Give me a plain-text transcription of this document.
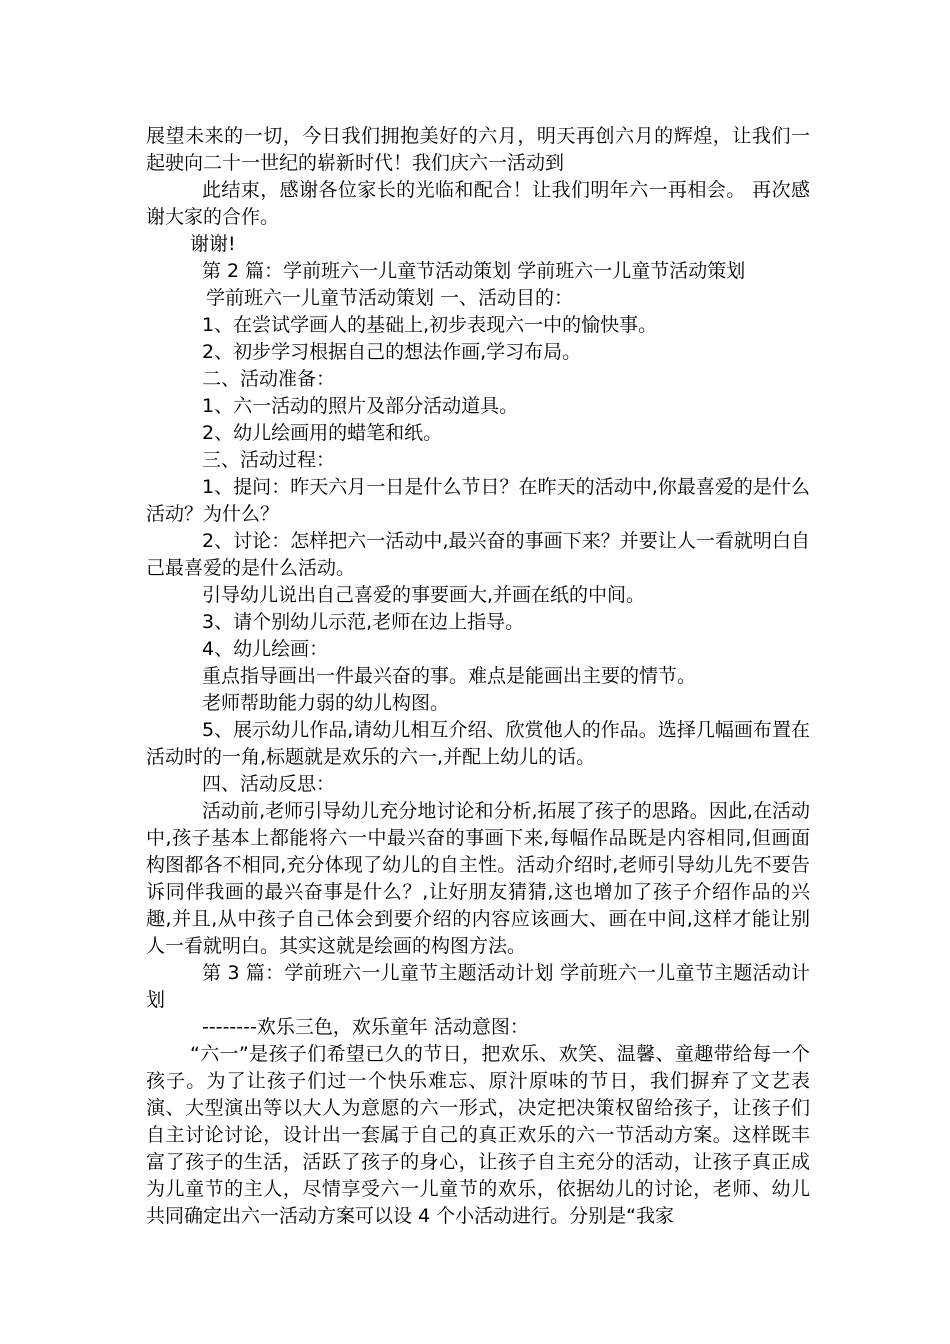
展望未来的一切，今日我们拥抱美好的六月，明天再创六月的辉煌，让我们一起驶向二十一世纪的崭新时代！我们庆六一活动到

此结束，感谢各位家长的光临和配合！让我们明年六一再相会。 再次感谢大家的合作。

谢谢!

第 2 篇：学前班六一儿童节活动策划 学前班六一儿童节活动策划

学前班六一儿童节活动策划 一、活动目的：

1、在尝试学画人的基础上,初步表现六一中的愉快事。

2、初步学习根据自己的想法作画,学习布局。

二、活动准备：

1、六一活动的照片及部分活动道具。

2、幼儿绘画用的蜡笔和纸。

三、活动过程：

1、提问：昨天六月一日是什么节日？在昨天的活动中,你最喜爱的是什么活动？为什么？

2、讨论：怎样把六一活动中,最兴奋的事画下来？并要让人一看就明白自己最喜爱的是什么活动。

引导幼儿说出自己喜爱的事要画大,并画在纸的中间。

3、请个别幼儿示范,老师在边上指导。

4、幼儿绘画：

重点指导画出一件最兴奋的事。难点是能画出主要的情节。

老师帮助能力弱的幼儿构图。

5、展示幼儿作品,请幼儿相互介绍、欣赏他人的作品。选择几幅画布置在活动时的一角,标题就是欢乐的六一,并配上幼儿的话。

四、活动反思：

活动前,老师引导幼儿充分地讨论和分析,拓展了孩子的思路。因此,在活动中,孩子基本上都能将六一中最兴奋的事画下来,每幅作品既是内容相同,但画面构图都各不相同,充分体现了幼儿的自主性。活动介绍时,老师引导幼儿先不要告诉同伴我画的最兴奋事是什么？,让好朋友猜猜,这也增加了孩子介绍作品的兴趣,并且,从中孩子自己体会到要介绍的内容应该画大、画在中间,这样才能让别人一看就明白。其实这就是绘画的构图方法。

第 3 篇：学前班六一儿童节主题活动计划 学前班六一儿童节主题活动计划

--------欢乐三色，欢乐童年 活动意图：

“六一”是孩子们希望已久的节日，把欢乐、欢笑、温馨、童趣带给每一个孩子。为了让孩子们过一个快乐难忘、原汁原味的节日，我们摒弃了文艺表演、大型演出等以大人为意愿的六一形式，决定把决策权留给孩子，让孩子们自主讨论讨论，设计出一套属于自己的真正欢乐的六一节活动方案。这样既丰富了孩子的生活，活跃了孩子的身心，让孩子自主充分的活动，让孩子真正成为儿童节的主人，尽情享受六一儿童节的欢乐，依据幼儿的讨论，老师、幼儿共同确定出六一活动方案可以设 4 个小活动进行。分别是“我家
